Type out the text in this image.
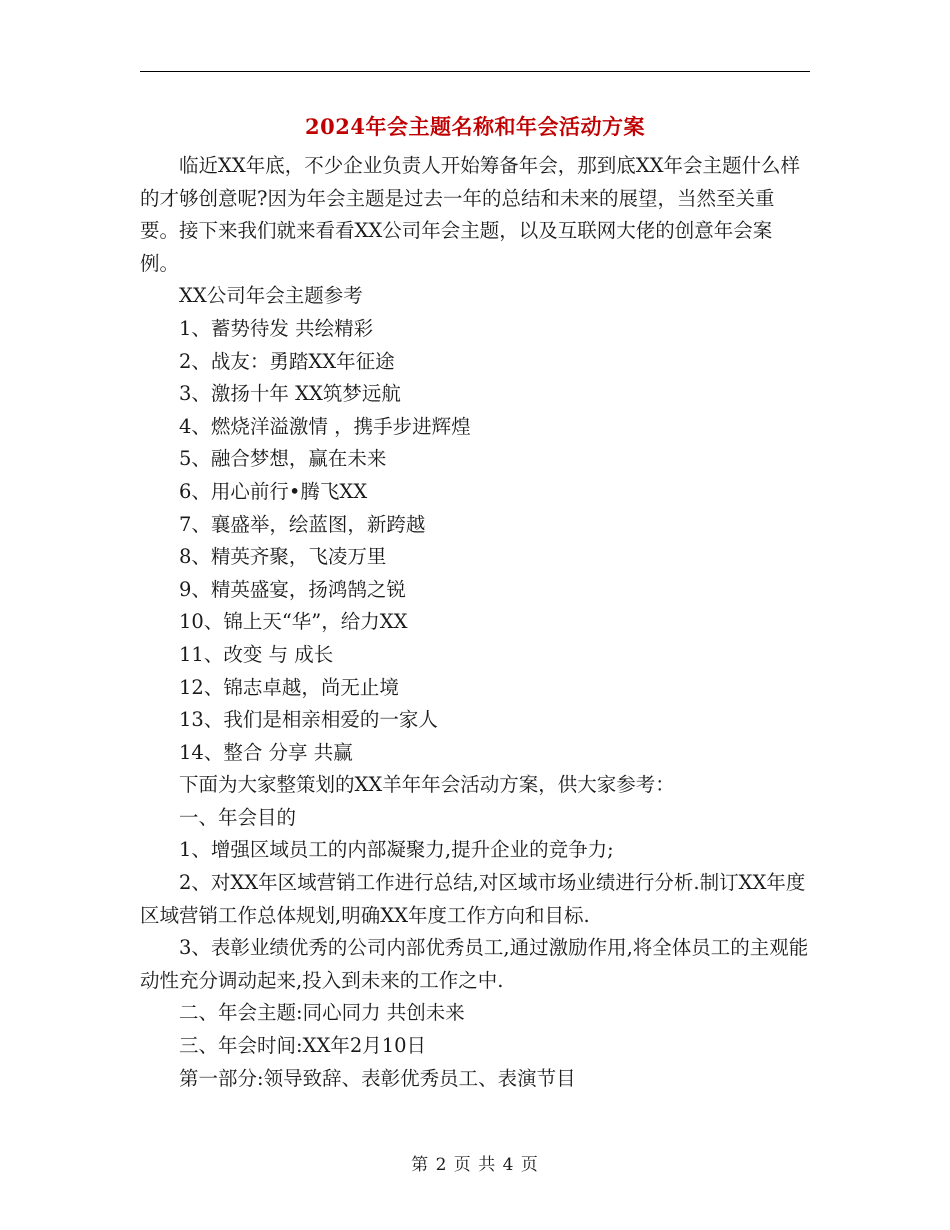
2024年会主题名称和年会活动方案

临近XX年底，不少企业负责人开始筹备年会，那到底XX年会主题什么样的才够创意呢?因为年会主题是过去一年的总结和未来的展望，当然至关重要。接下来我们就来看看XX公司年会主题，以及互联网大佬的创意年会案例。

XX公司年会主题参考

1、蓄势待发 共绘精彩

2、战友：勇踏XX年征途

3、激扬十年 XX筑梦远航

4、燃烧洋溢激情 ，携手步进辉煌

5、融合梦想，赢在未来

6、用心前行•腾飞XX

7、襄盛举，绘蓝图，新跨越

8、精英齐聚，飞凌万里

9、精英盛宴，扬鸿鹄之锐

10、锦上天“华”，给力XX

11、改变 与 成长

12、锦志卓越，尚无止境

13、我们是相亲相爱的一家人

14、整合 分享 共赢

下面为大家整策划的XX羊年年会活动方案，供大家参考：

一、年会目的

1、增强区域员工的内部凝聚力,提升企业的竞争力;

2、对XX年区域营销工作进行总结,对区域市场业绩进行分析.制订XX年度区域营销工作总体规划,明确XX年度工作方向和目标.

3、表彰业绩优秀的公司内部优秀员工,通过激励作用,将全体员工的主观能动性充分调动起来,投入到未来的工作之中.

二、年会主题:同心同力 共创未来

三、年会时间:XX年2月10日

第一部分:领导致辞、表彰优秀员工、表演节目

第 2 页 共 4 页
